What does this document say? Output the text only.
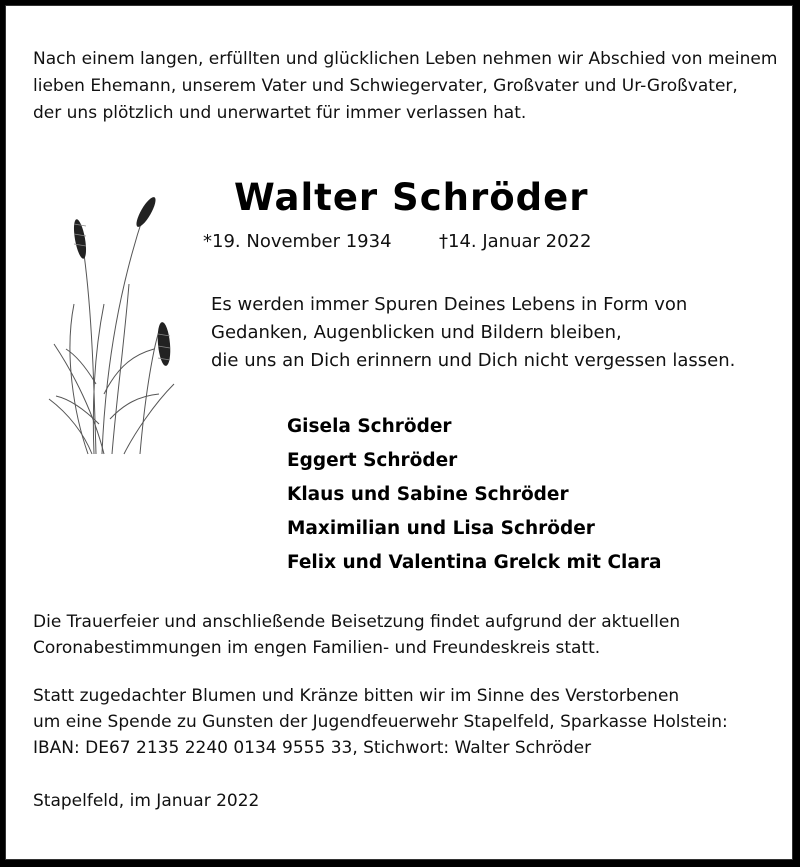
Nach einem langen, erfüllten und glücklichen Leben nehmen wir Abschied von meinem
lieben Ehemann, unserem Vater und Schwiegervater, Großvater und Ur-Großvater,
der uns plötzlich und unerwartet für immer verlassen hat.
Walter Schröder
*19. November 1934	†14. Januar 2022
Es werden immer Spuren Deines Lebens in Form von
Gedanken, Augenblicken und Bildern bleiben,
die uns an Dich erinnern und Dich nicht vergessen lassen.
Gisela Schröder
Eggert Schröder
Klaus und Sabine Schröder
Maximilian und Lisa Schröder
Felix und Valentina Grelck mit Clara
Die Trauerfeier und anschließende Beisetzung findet aufgrund der aktuellen
Coronabestimmungen im engen Familien- und Freundeskreis statt.
Statt zugedachter Blumen und Kränze bitten wir im Sinne des Verstorbenen
um eine Spende zu Gunsten der Jugendfeuerwehr Stapelfeld, Sparkasse Holstein:
IBAN: DE67 2135 2240 0134 9555 33, Stichwort: Walter Schröder
Stapelfeld, im Januar 2022
